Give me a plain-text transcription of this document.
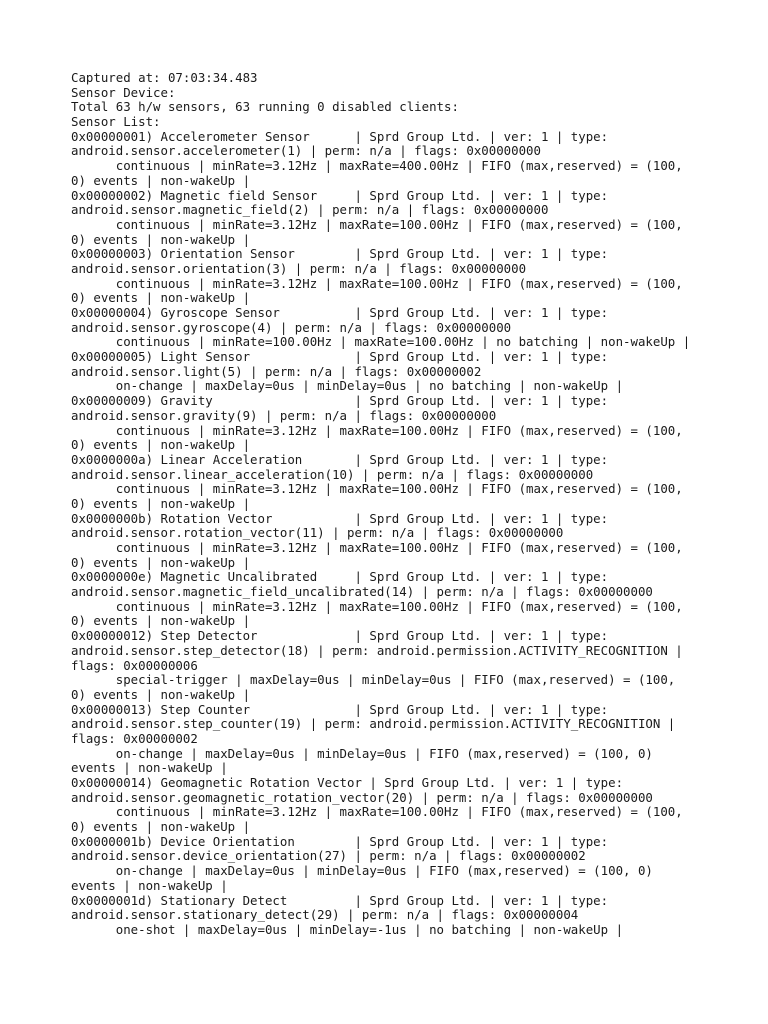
Captured at: 07:03:34.483
Sensor Device:
Total 63 h/w sensors, 63 running 0 disabled clients:
Sensor List:
0x00000001) Accelerometer Sensor      | Sprd Group Ltd. | ver: 1 | type:
android.sensor.accelerometer(1) | perm: n/a | flags: 0x00000000
continuous | minRate=3.12Hz | maxRate=400.00Hz | FIFO (max,reserved) = (100,
0) events | non-wakeUp |
0x00000002) Magnetic field Sensor     | Sprd Group Ltd. | ver: 1 | type:
android.sensor.magnetic_field(2) | perm: n/a | flags: 0x00000000
continuous | minRate=3.12Hz | maxRate=100.00Hz | FIFO (max,reserved) = (100,
0) events | non-wakeUp |
0x00000003) Orientation Sensor        | Sprd Group Ltd. | ver: 1 | type:
android.sensor.orientation(3) | perm: n/a | flags: 0x00000000
continuous | minRate=3.12Hz | maxRate=100.00Hz | FIFO (max,reserved) = (100,
0) events | non-wakeUp |
0x00000004) Gyroscope Sensor          | Sprd Group Ltd. | ver: 1 | type:
android.sensor.gyroscope(4) | perm: n/a | flags: 0x00000000
continuous | minRate=100.00Hz | maxRate=100.00Hz | no batching | non-wakeUp |
0x00000005) Light Sensor              | Sprd Group Ltd. | ver: 1 | type:
android.sensor.light(5) | perm: n/a | flags: 0x00000002
on-change | maxDelay=0us | minDelay=0us | no batching | non-wakeUp |
0x00000009) Gravity                   | Sprd Group Ltd. | ver: 1 | type:
android.sensor.gravity(9) | perm: n/a | flags: 0x00000000
continuous | minRate=3.12Hz | maxRate=100.00Hz | FIFO (max,reserved) = (100,
0) events | non-wakeUp |
0x0000000a) Linear Acceleration       | Sprd Group Ltd. | ver: 1 | type:
android.sensor.linear_acceleration(10) | perm: n/a | flags: 0x00000000
continuous | minRate=3.12Hz | maxRate=100.00Hz | FIFO (max,reserved) = (100,
0) events | non-wakeUp |
0x0000000b) Rotation Vector           | Sprd Group Ltd. | ver: 1 | type:
android.sensor.rotation_vector(11) | perm: n/a | flags: 0x00000000
continuous | minRate=3.12Hz | maxRate=100.00Hz | FIFO (max,reserved) = (100,
0) events | non-wakeUp |
0x0000000e) Magnetic Uncalibrated     | Sprd Group Ltd. | ver: 1 | type:
android.sensor.magnetic_field_uncalibrated(14) | perm: n/a | flags: 0x00000000
continuous | minRate=3.12Hz | maxRate=100.00Hz | FIFO (max,reserved) = (100,
0) events | non-wakeUp |
0x00000012) Step Detector             | Sprd Group Ltd. | ver: 1 | type:
android.sensor.step_detector(18) | perm: android.permission.ACTIVITY_RECOGNITION |
flags: 0x00000006
special-trigger | maxDelay=0us | minDelay=0us | FIFO (max,reserved) = (100,
0) events | non-wakeUp |
0x00000013) Step Counter              | Sprd Group Ltd. | ver: 1 | type:
android.sensor.step_counter(19) | perm: android.permission.ACTIVITY_RECOGNITION |
flags: 0x00000002
on-change | maxDelay=0us | minDelay=0us | FIFO (max,reserved) = (100, 0)
events | non-wakeUp |
0x00000014) Geomagnetic Rotation Vector | Sprd Group Ltd. | ver: 1 | type:
android.sensor.geomagnetic_rotation_vector(20) | perm: n/a | flags: 0x00000000
continuous | minRate=3.12Hz | maxRate=100.00Hz | FIFO (max,reserved) = (100,
0) events | non-wakeUp |
0x0000001b) Device Orientation        | Sprd Group Ltd. | ver: 1 | type:
android.sensor.device_orientation(27) | perm: n/a | flags: 0x00000002
on-change | maxDelay=0us | minDelay=0us | FIFO (max,reserved) = (100, 0)
events | non-wakeUp |
0x0000001d) Stationary Detect         | Sprd Group Ltd. | ver: 1 | type:
android.sensor.stationary_detect(29) | perm: n/a | flags: 0x00000004
one-shot | maxDelay=0us | minDelay=-1us | no batching | non-wakeUp |
